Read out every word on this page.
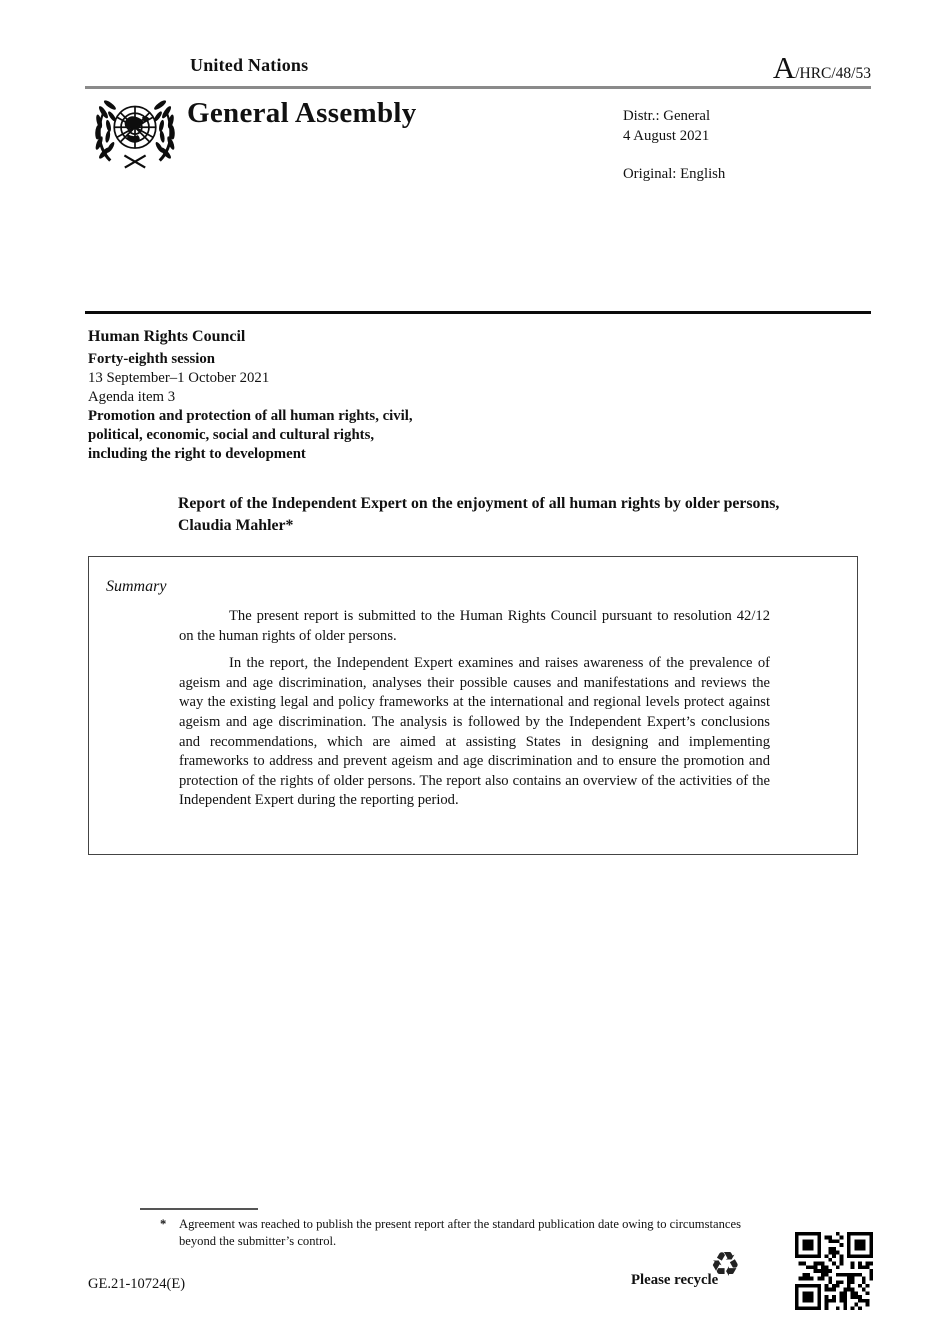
United Nations	A/HRC/48/53
General Assembly	Distr.: General
4 August 2021
Original: English
Human Rights Council
Forty-eighth session
13 September–1 October 2021
Agenda item 3
Promotion and protection of all human rights, civil,
political, economic, social and cultural rights,
including the right to development
Report of the Independent Expert on the enjoyment of all human rights by older persons, Claudia Mahler*
Summary

The present report is submitted to the Human Rights Council pursuant to resolution 42/12 on the human rights of older persons.

In the report, the Independent Expert examines and raises awareness of the prevalence of ageism and age discrimination, analyses their possible causes and manifestations and reviews the way the existing legal and policy frameworks at the international and regional levels protect against ageism and age discrimination. The analysis is followed by the Independent Expert’s conclusions and recommendations, which are aimed at assisting States in designing and implementing frameworks to address and prevent ageism and age discrimination and to ensure the promotion and protection of the rights of older persons. The report also contains an overview of the activities of the Independent Expert during the reporting period.

*	Agreement was reached to publish the present report after the standard publication date owing to circumstances beyond the submitter’s control.
GE.21-10724(E)	Please recycle
♻
